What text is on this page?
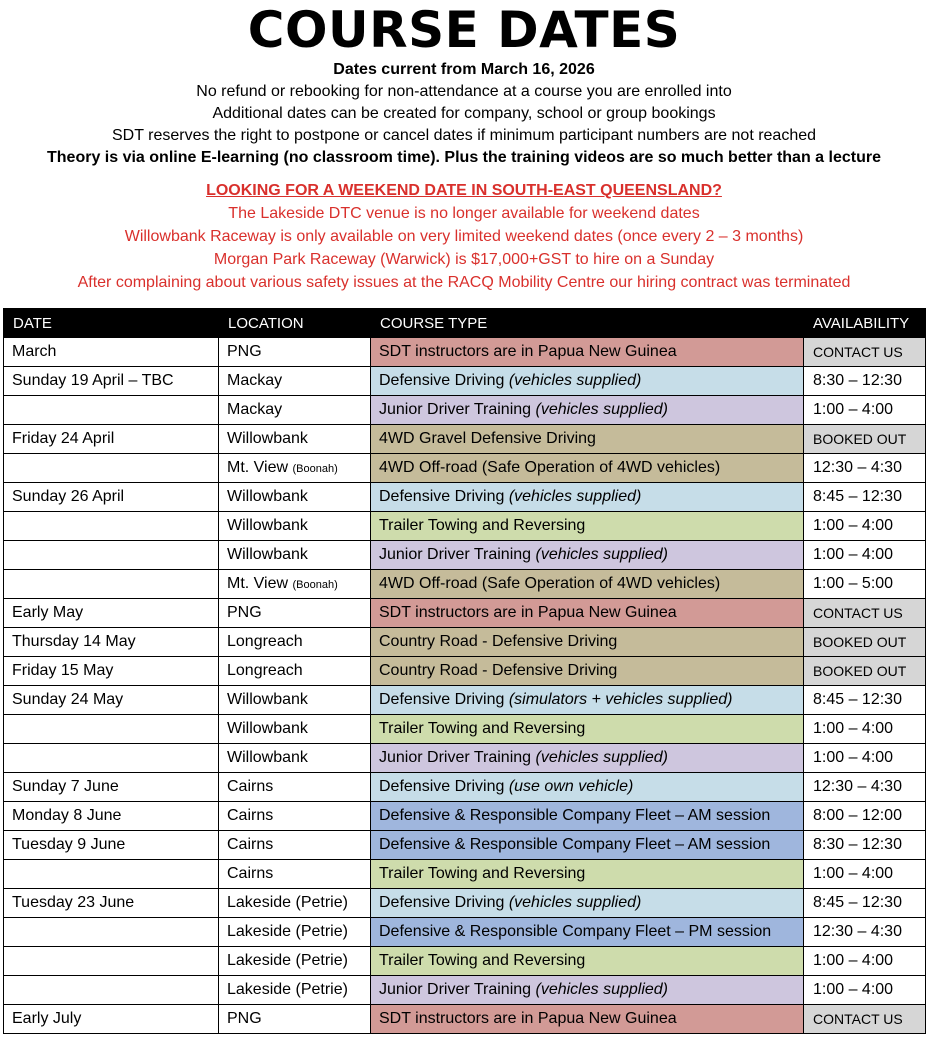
COURSE DATES
Dates current from March 16, 2026
No refund or rebooking for non-attendance at a course you are enrolled into
Additional dates can be created for company, school or group bookings
SDT reserves the right to postpone or cancel dates if minimum participant numbers are not reached
Theory is via online E-learning (no classroom time). Plus the training videos are so much better than a lecture
LOOKING FOR A WEEKEND DATE IN SOUTH-EAST QUEENSLAND?
The Lakeside DTC venue is no longer available for weekend dates
Willowbank Raceway is only available on very limited weekend dates (once every 2 – 3 months)
Morgan Park Raceway (Warwick) is $17,000+GST to hire on a Sunday
After complaining about various safety issues at the RACQ Mobility Centre our hiring contract was terminated
DATE	LOCATION	COURSE TYPE	AVAILABILITY
March	PNG	SDT instructors are in Papua New Guinea	CONTACT US
Sunday 19 April – TBC	Mackay	Defensive Driving (vehicles supplied)	8:30 – 12:30
	Mackay	Junior Driver Training (vehicles supplied)	1:00 – 4:00
Friday 24 April	Willowbank	4WD Gravel Defensive Driving	BOOKED OUT
	Mt. View (Boonah)	4WD Off-road (Safe Operation of 4WD vehicles)	12:30 – 4:30
Sunday 26 April	Willowbank	Defensive Driving (vehicles supplied)	8:45 – 12:30
	Willowbank	Trailer Towing and Reversing	1:00 – 4:00
	Willowbank	Junior Driver Training (vehicles supplied)	1:00 – 4:00
	Mt. View (Boonah)	4WD Off-road (Safe Operation of 4WD vehicles)	1:00 – 5:00
Early May	PNG	SDT instructors are in Papua New Guinea	CONTACT US
Thursday 14 May	Longreach	Country Road - Defensive Driving	BOOKED OUT
Friday 15 May	Longreach	Country Road - Defensive Driving	BOOKED OUT
Sunday 24 May	Willowbank	Defensive Driving (simulators + vehicles supplied)	8:45 – 12:30
	Willowbank	Trailer Towing and Reversing	1:00 – 4:00
	Willowbank	Junior Driver Training (vehicles supplied)	1:00 – 4:00
Sunday 7 June	Cairns	Defensive Driving (use own vehicle)	12:30 – 4:30
Monday 8 June	Cairns	Defensive & Responsible Company Fleet – AM session	8:00 – 12:00
Tuesday 9 June	Cairns	Defensive & Responsible Company Fleet – AM session	8:30 – 12:30
	Cairns	Trailer Towing and Reversing	1:00 – 4:00
Tuesday 23 June	Lakeside (Petrie)	Defensive Driving (vehicles supplied)	8:45 – 12:30
	Lakeside (Petrie)	Defensive & Responsible Company Fleet – PM session	12:30 – 4:30
	Lakeside (Petrie)	Trailer Towing and Reversing	1:00 – 4:00
	Lakeside (Petrie)	Junior Driver Training (vehicles supplied)	1:00 – 4:00
Early July	PNG	SDT instructors are in Papua New Guinea	CONTACT US
